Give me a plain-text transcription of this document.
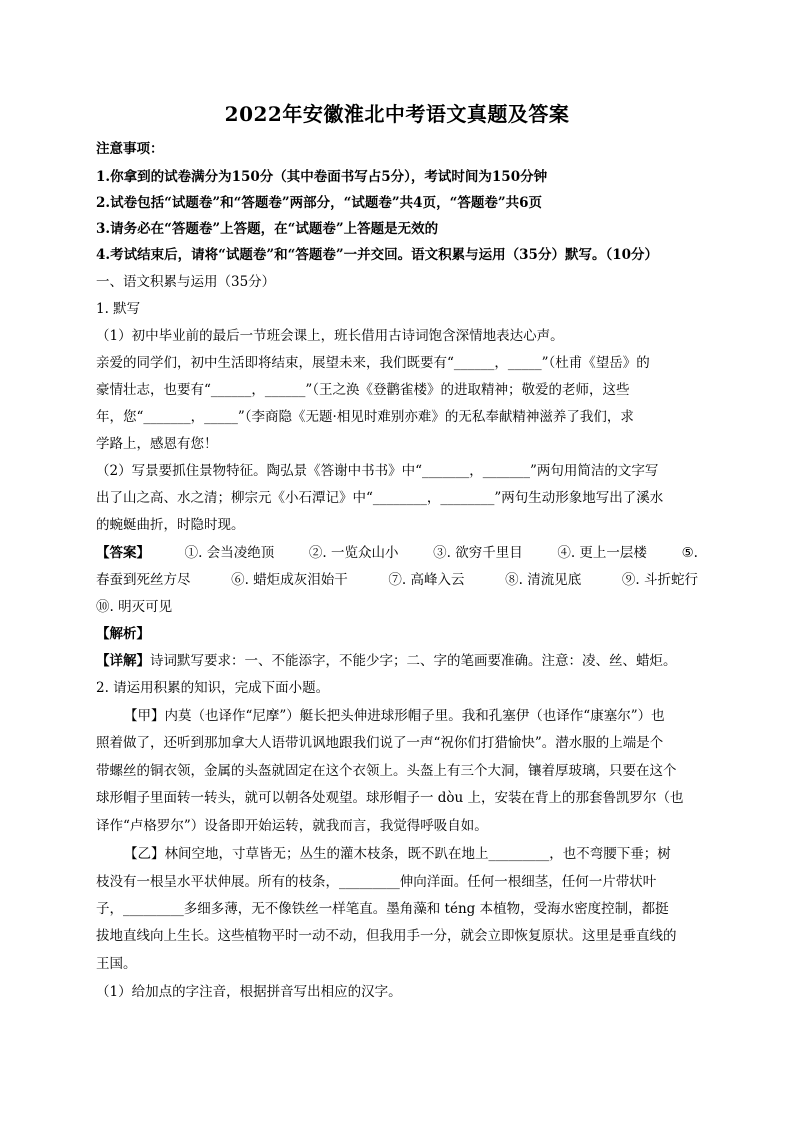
2022年安徽淮北中考语文真题及答案
注意事项：
1.你拿到的试卷满分为150分（其中卷面书写占5分），考试时间为150分钟
2.试卷包括“试题卷”和“答题卷”两部分，“试题卷”共4页，“答题卷”共6页
3.请务必在“答题卷”上答题，在“试题卷”上答题是无效的
4.考试结束后，请将“试题卷”和“答题卷”一并交回。语文积累与运用（35分）默写。（10分）
一、语文积累与运用（35分）
1. 默写
（1）初中毕业前的最后一节班会课上，班长借用古诗词饱含深情地表达心声。
亲爱的同学们，初中生活即将结束，展望未来，我们既要有“______，_____”（杜甫《望岳》的
豪情壮志，也要有“______，______”（王之涣《登鹳雀楼》的进取精神；敬爱的老师，这些
年，您“_______，_____”（李商隐《无题·相见时难别亦难》的无私奉献精神滋养了我们，求
学路上，感恩有您！
（2）写景要抓住景物特征。陶弘景《答谢中书书》中“_______，_______”两句用简洁的文字写
出了山之高、水之清；柳宗元《小石潭记》中“________，________”两句生动形象地写出了溪水
的蜿蜒曲折，时隐时现。
【答案】	①. 会当凌绝顶	②. 一览众山小	③. 欲穷千里目	④. 更上一层楼	⑤.
春蚕到死丝方尽	⑥. 蜡炬成灰泪始干	⑦. 高峰入云	⑧. 清流见底	⑨. 斗折蛇行
⑩. 明灭可见
【解析】
【详解】诗词默写要求：一、不能添字，不能少字；二、字的笔画要准确。注意：凌、丝、蜡炬。
2. 请运用积累的知识，完成下面小题。
【甲】内莫（也译作“尼摩”）艇长把头伸进球形帽子里。我和孔塞伊（也译作“康塞尔”）也
照着做了，还听到那加拿大人语带讥讽地跟我们说了一声“祝你们打猎愉快”。潜水服的上端是个
带螺丝的铜衣领，金属的头盔就固定在这个衣领上。头盔上有三个大洞，镶着厚玻璃，只要在这个
球形帽子里面转一转头，就可以朝各处观望。球形帽子一 dòu 上，安装在背上的那套鲁凯罗尔（也
译作“卢格罗尔”）设备即开始运转，就我而言，我觉得呼吸自如。
【乙】林间空地，寸草皆无；丛生的灌木枝条，既不趴在地上_________，也不弯腰下垂；树
枝没有一根呈水平状伸展。所有的枝条，_________伸向洋面。任何一根细茎，任何一片带状叶
子，_________多细多薄，无不像铁丝一样笔直。墨角藻和 téng 本植物，受海水密度控制，都挺
拔地直线向上生长。这些植物平时一动不动，但我用手一分，就会立即恢复原状。这里是垂直线的
王国。
（1）给加点的字注音，根据拼音写出相应的汉字。
